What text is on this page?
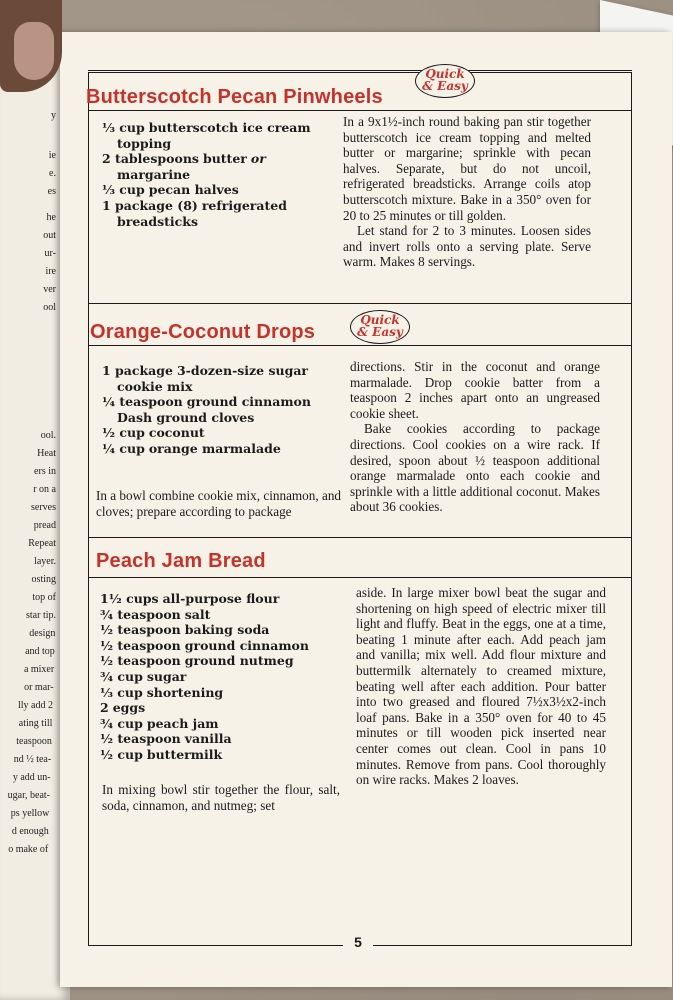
y
ie
e.
es
he
out
ur-
ire
ver
ool
ool.
Heat
ers in
r on a
serves
pread
Repeat
layer.
osting
top of
star tip.
design
and top
a mixer
or mar-
lly add 2
ating till
teaspoon
nd ½ tea-
y add un-
ugar, beat-
ps yellow
d enough
o make of
Butterscotch Pecan Pinwheels
Quick
& Easy
⅓ cup butterscotch ice cream
topping
2 tablespoons butter or
margarine
⅓ cup pecan halves
1 package (8) refrigerated
breadsticks

In a 9x1½-inch round baking pan stir together butterscotch ice cream topping and melted butter or margarine; sprinkle with pecan halves. Separate, but do not uncoil, refrigerated breadsticks. Arrange coils atop butterscotch mixture. Bake in a 350° oven for 20 to 25 minutes or till golden.

Let stand for 2 to 3 minutes. Loosen sides and invert rolls onto a serving plate. Serve warm. Makes 8 servings.

Orange-Coconut Drops
Quick
& Easy
1 package 3-dozen-size sugar
cookie mix
¼ teaspoon ground cinnamon
Dash ground cloves
½ cup coconut
¼ cup orange marmalade
In a bowl combine cookie mix, cinnamon, and cloves; prepare according to package

directions. Stir in the coconut and orange marmalade. Drop cookie batter from a teaspoon 2 inches apart onto an ungreased cookie sheet.

Bake cookies according to package directions. Cool cookies on a wire rack. If desired, spoon about ½ teaspoon additional orange marmalade onto each cookie and sprinkle with a little additional coconut. Makes about 36 cookies.

Peach Jam Bread
1½ cups all-purpose flour
¾ teaspoon salt
½ teaspoon baking soda
½ teaspoon ground cinnamon
½ teaspoon ground nutmeg
¾ cup sugar
⅓ cup shortening
2 eggs
¾ cup peach jam
½ teaspoon vanilla
½ cup buttermilk
In mixing bowl stir together the flour, salt, soda, cinnamon, and nutmeg; set

aside. In large mixer bowl beat the sugar and shortening on high speed of electric mixer till light and fluffy. Beat in the eggs, one at a time, beating 1 minute after each. Add peach jam and vanilla; mix well. Add flour mixture and buttermilk alternately to creamed mixture, beating well after each addition. Pour batter into two greased and floured 7½x3½x2-inch loaf pans. Bake in a 350° oven for 40 to 45 minutes or till wooden pick inserted near center comes out clean. Cool in pans 10 minutes. Remove from pans. Cool thoroughly on wire racks. Makes 2 loaves.

5
